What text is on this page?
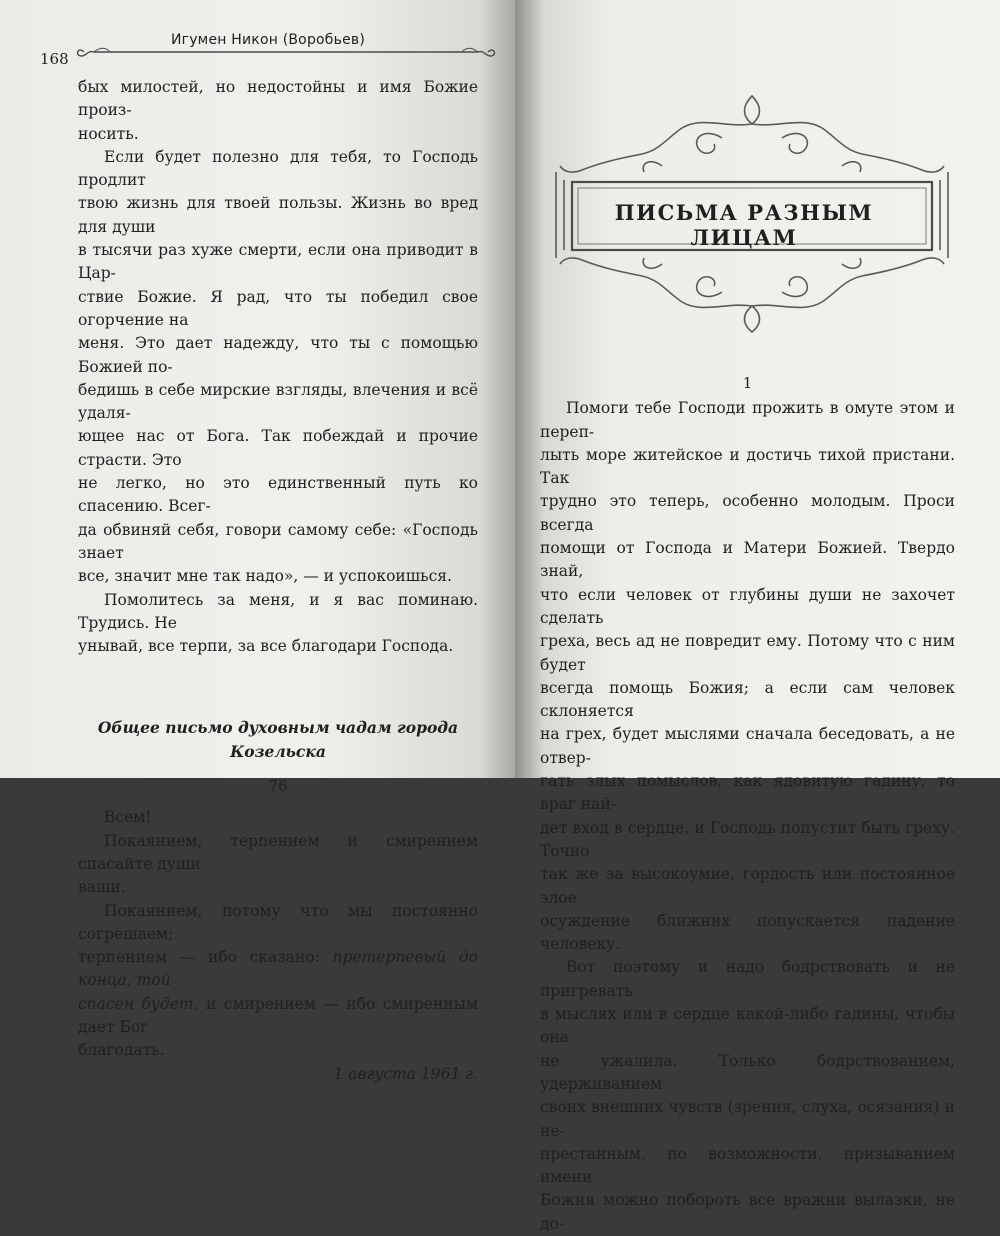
168
Игумен Никон (Воробьев)

бых милостей, но недостойны и имя Божие произ-

носить.

Если будет полезно для тебя, то Господь продлит

твою жизнь для твоей пользы. Жизнь во вред для души

в тысячи раз хуже смерти, если она приводит в Цар-

ствие Божие. Я рад, что ты победил свое огорчение на

меня. Это дает надежду, что ты с помощью Божией по-

бедишь в себе мирские взгляды, влечения и всё удаля-

ющее нас от Бога. Так побеждай и прочие страсти. Это

не легко, но это единственный путь ко спасению. Всег-

да обвиняй себя, говори самому себе: «Господь знает

все, значит мне так надо», — и успокоишься.

Помолитесь за меня, и я вас поминаю. Трудись. Не

унывай, все терпи, за все благодари Господа.

Общее письмо духовным чадам города Козельска

76

Всем!

Покаянием, терпением и смирением спасайте души

ваши.

Покаянием, потому что мы постоянно согрешаем;

терпением — ибо сказано: претерпевый до конца, той

спасен будет, и смирением — ибо смиренным дает Бог

благодать.

1 августа 1961 г.

ПИСЬМА РАЗНЫМ ЛИЦАМ

1

Помоги тебе Господи прожить в омуте этом и переп-

лыть море житейское и достичь тихой пристани. Так

трудно это теперь, особенно молодым. Проси всегда

помощи от Господа и Матери Божией. Твердо знай,

что если человек от глубины души не захочет сделать

греха, весь ад не повредит ему. Потому что с ним будет

всегда помощь Божия; а если сам человек склоняется

на грех, будет мыслями сначала беседовать, а не отвер-

гать злых помыслов, как ядовитую гадину, то враг най-

дет вход в сердце, и Господь попустит быть греху. Точно

так же за высокоумие, гордость или постоянное злое

осуждение ближних попускается падение человеку.

Вот поэтому и надо бодрствовать и не пригревать

в мыслях или в сердце какой-либо гадины, чтобы она

не ужалила. Только бодрствованием, удерживанием

своих внешних чувств (зрения, слуха, осязания) и не-

престанным, по возможности, призыванием имени

Божия можно побороть все вражии вылазки, не до-
